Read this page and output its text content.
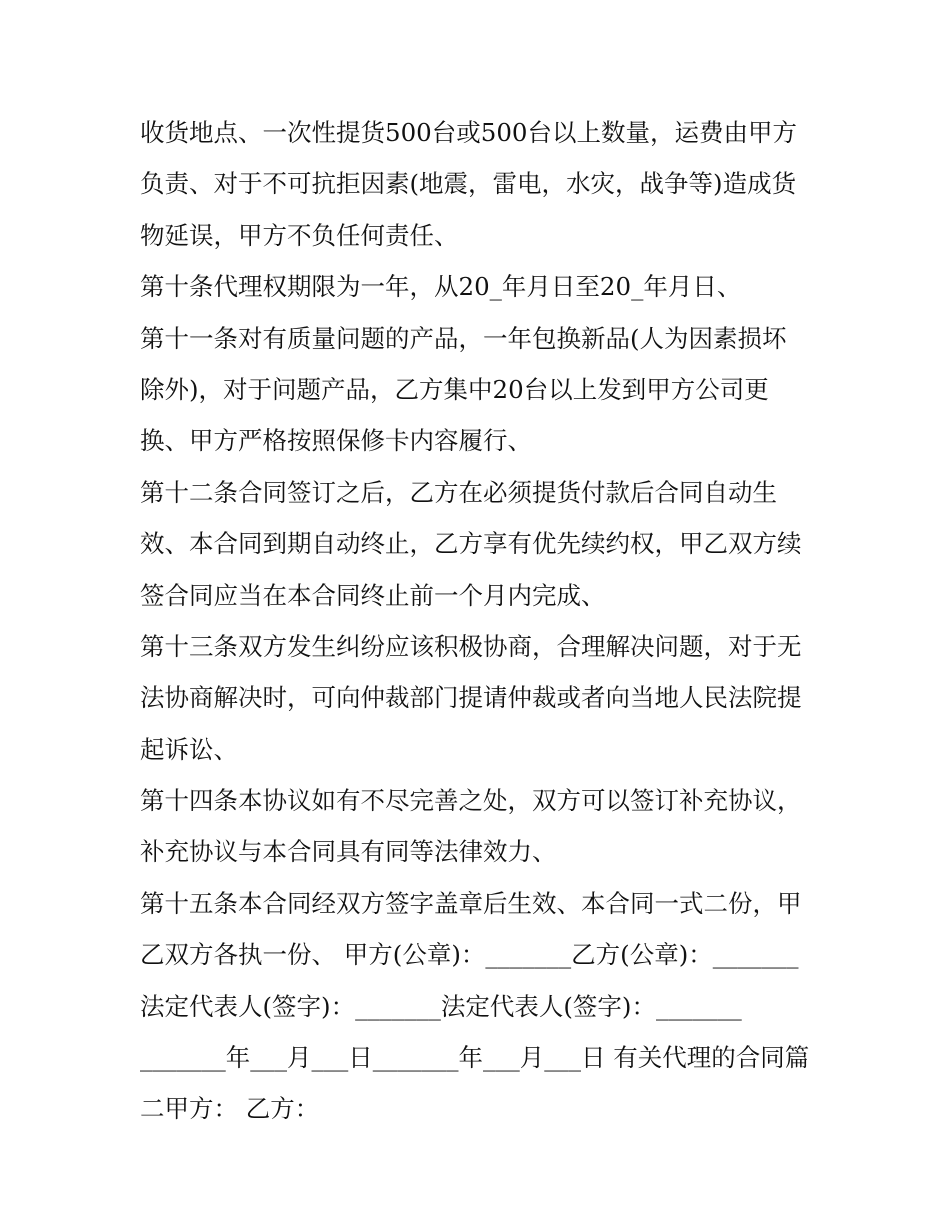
收货地点、一次性提货500台或500台以上数量，运费由甲方
负责、对于不可抗拒因素(地震，雷电，水灾，战争等)造成货
物延误，甲方不负任何责任、
第十条代理权期限为一年，从20_年月日至20_年月日、
第十一条对有质量问题的产品，一年包换新品(人为因素损坏
除外)，对于问题产品，乙方集中20台以上发到甲方公司更
换、甲方严格按照保修卡内容履行、
第十二条合同签订之后，乙方在必须提货付款后合同自动生
效、本合同到期自动终止，乙方享有优先续约权，甲乙双方续
签合同应当在本合同终止前一个月内完成、
第十三条双方发生纠纷应该积极协商，合理解决问题，对于无
法协商解决时，可向仲裁部门提请仲裁或者向当地人民法院提
起诉讼、
第十四条本协议如有不尽完善之处，双方可以签订补充协议，
补充协议与本合同具有同等法律效力、
第十五条本合同经双方签字盖章后生效、本合同一式二份，甲
乙双方各执一份、 甲方(公章)：_______乙方(公章)：_______
法定代表人(签字)：_______法定代表人(签字)：_______
_______年___月___日_______年___月___日 有关代理的合同篇
二甲方： 乙方：
